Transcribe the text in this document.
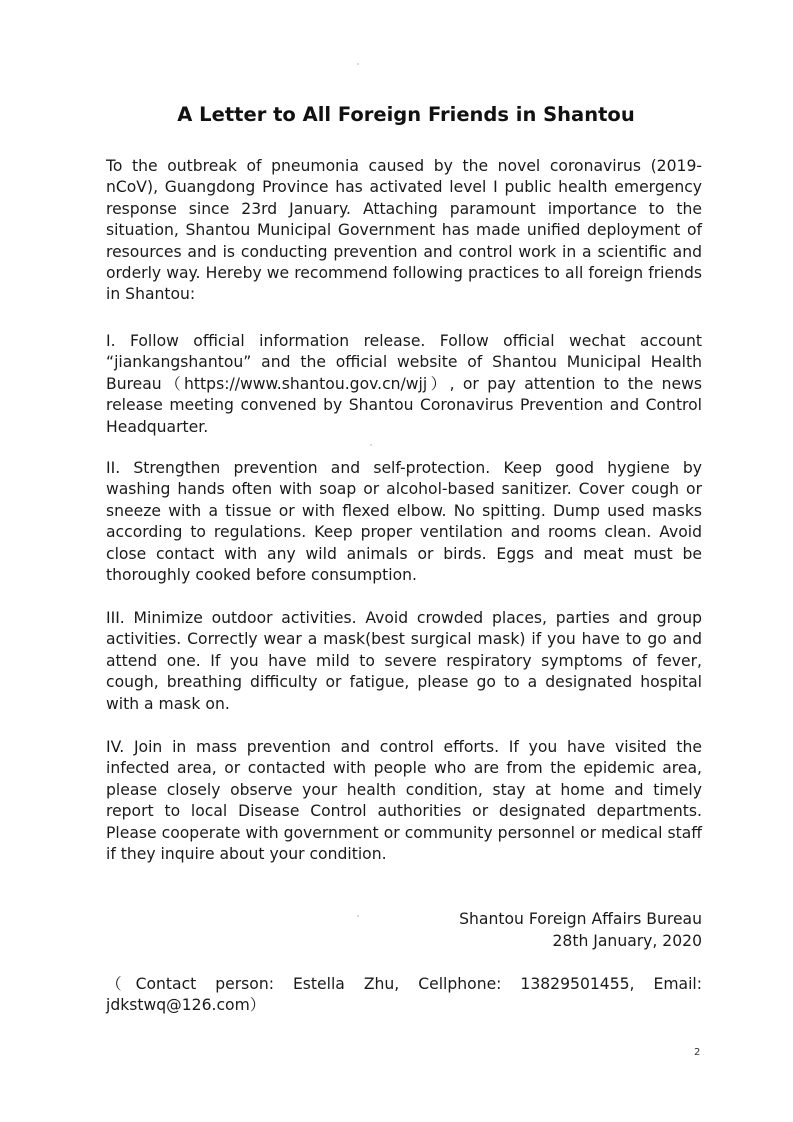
A Letter to All Foreign Friends in Shantou

To the outbreak of pneumonia caused by the novel coronavirus (2019-nCoV), Guangdong Province has activated level I public health emergency response since 23rd January. Attaching paramount importance to the situation, Shantou Municipal Government has made unified deployment of resources and is conducting prevention and control work in a scientific and orderly way. Hereby we recommend following practices to all foreign friends in Shantou:

I. Follow official information release. Follow official wechat account “jiankangshantou” and the official website of Shantou Municipal Health Bureau（https://www.shantou.gov.cn/wjj）, or pay attention to the news release meeting convened by Shantou Coronavirus Prevention and Control Headquarter.

II. Strengthen prevention and self-protection. Keep good hygiene by washing hands often with soap or alcohol-based sanitizer. Cover cough or sneeze with a tissue or with flexed elbow. No spitting. Dump used masks according to regulations. Keep proper ventilation and rooms clean. Avoid close contact with any wild animals or birds. Eggs and meat must be thoroughly cooked before consumption.

III. Minimize outdoor activities. Avoid crowded places, parties and group activities. Correctly wear a mask(best surgical mask) if you have to go and attend one. If you have mild to severe respiratory symptoms of fever, cough, breathing difficulty or fatigue, please go to a designated hospital with a mask on.

IV. Join in mass prevention and control efforts. If you have visited the infected area, or contacted with people who are from the epidemic area, please closely observe your health condition, stay at home and timely report to local Disease Control authorities or designated departments. Please cooperate with government or community personnel or medical staff if they inquire about your condition.

Shantou Foreign Affairs Bureau

28th January, 2020

（Contact person: Estella Zhu, Cellphone: 13829501455, Email: jdkstwq@126.com）

2
